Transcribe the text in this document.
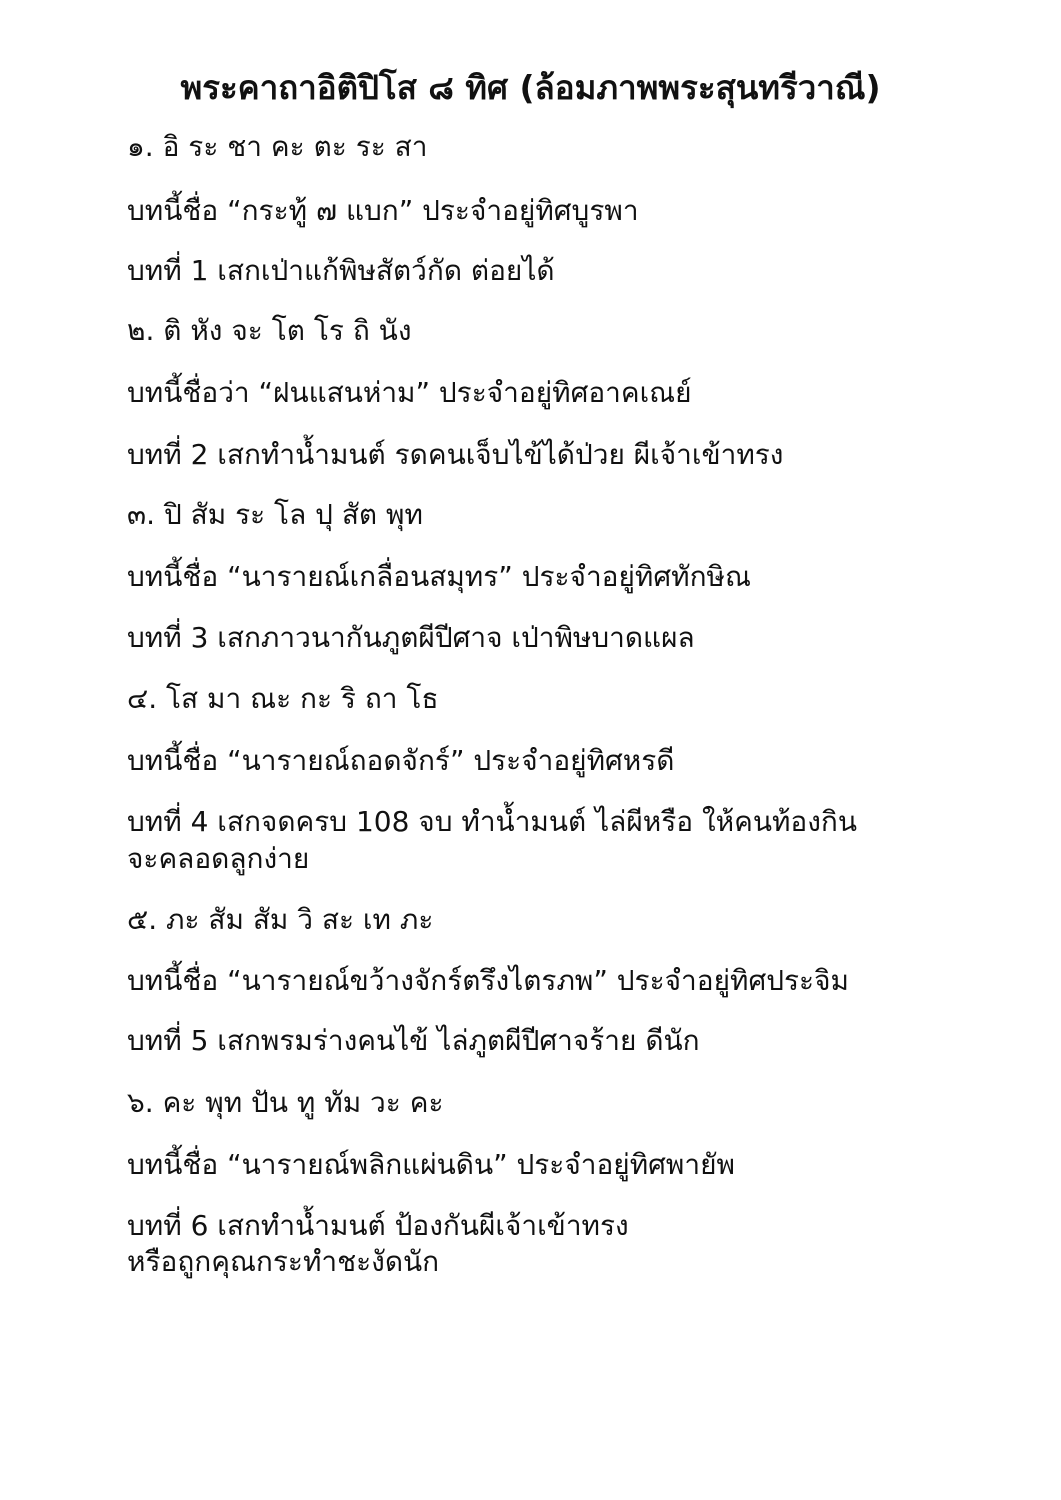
พระคาถาอิติปิโส ๘ ทิศ (ล้อมภาพพระสุนทรีวาณี)
๑. อิ ระ ชา คะ ตะ ระ สา
บทนี้ชื่อ “กระทู้ ๗ แบก” ประจำอยู่ทิศบูรพา
บทที่ 1 เสกเป่าแก้พิษสัตว์กัด ต่อยได้
๒. ติ หัง จะ โต โร ถิ นัง
บทนี้ชื่อว่า “ฝนแสนห่าม” ประจำอยู่ทิศอาคเณย์
บทที่ 2 เสกทำน้ำมนต์ รดคนเจ็บไข้ได้ป่วย ผีเจ้าเข้าทรง
๓. ปิ สัม ระ โล ปุ สัต พุท
บทนี้ชื่อ “นารายณ์เกลื่อนสมุทร” ประจำอยู่ทิศทักษิณ
บทที่ 3 เสกภาวนากันภูตผีปีศาจ เป่าพิษบาดแผล
๔. โส มา ณะ กะ ริ ถา โธ
บทนี้ชื่อ “นารายณ์ถอดจักร์” ประจำอยู่ทิศหรดี
บทที่ 4 เสกจดครบ 108 จบ ทำน้ำมนต์ ไล่ผีหรือ ให้คนท้องกิน
จะคลอดลูกง่าย
๕. ภะ สัม สัม วิ สะ เท ภะ
บทนี้ชื่อ “นารายณ์ขว้างจักร์ตรึงไตรภพ” ประจำอยู่ทิศประจิม
บทที่ 5 เสกพรมร่างคนไข้ ไล่ภูตผีปีศาจร้าย ดีนัก
๖. คะ พุท ปัน ทู ทัม วะ คะ
บทนี้ชื่อ “นารายณ์พลิกแผ่นดิน” ประจำอยู่ทิศพายัพ
บทที่ 6 เสกทำน้ำมนต์ ป้องกันผีเจ้าเข้าทรง
หรือถูกคุณกระทำชะงัดนัก
